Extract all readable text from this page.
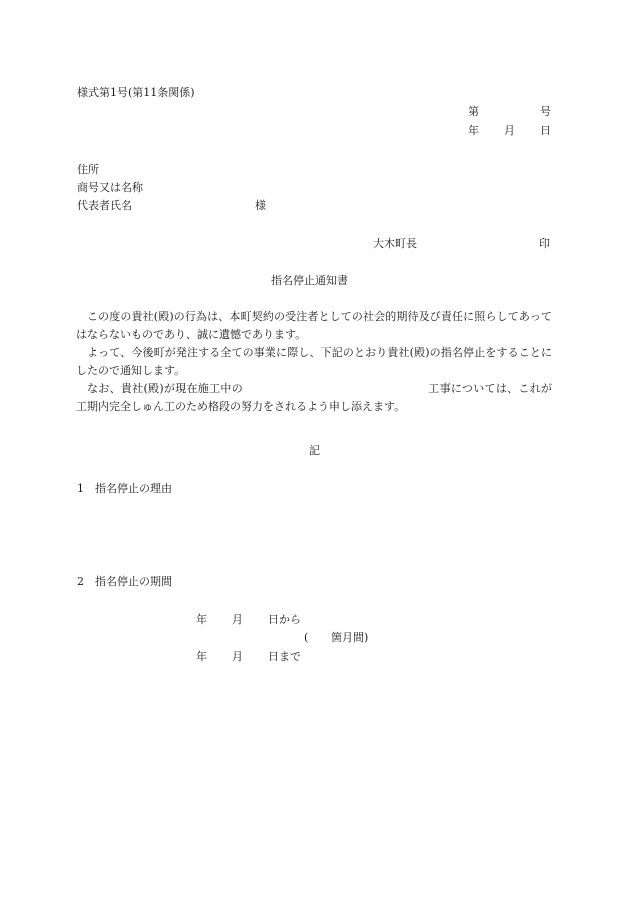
様式第1号(第11条関係)
第	号
年 月 日
住所
商号又は名称
代表者氏名	様
大木町長	印
指名停止通知書

この度の貴社(殿)の行為は、本町契約の受注者としての社会的期待及び責任に照らしてあってはならないものであり、誠に遺憾であります。

よって、今後町が発注する全ての事業に際し、下記のとおり貴社(殿)の指名停止をすることにしたので通知します。

なお、貴社(殿)が現在施工中の	工事については、これが工期内完全しゅん工のため格段の努力をされるよう申し添えます。

記
1 指名停止の理由
2 指名停止の期間
年 月 日から
( 箇月間)
年 月 日まで
